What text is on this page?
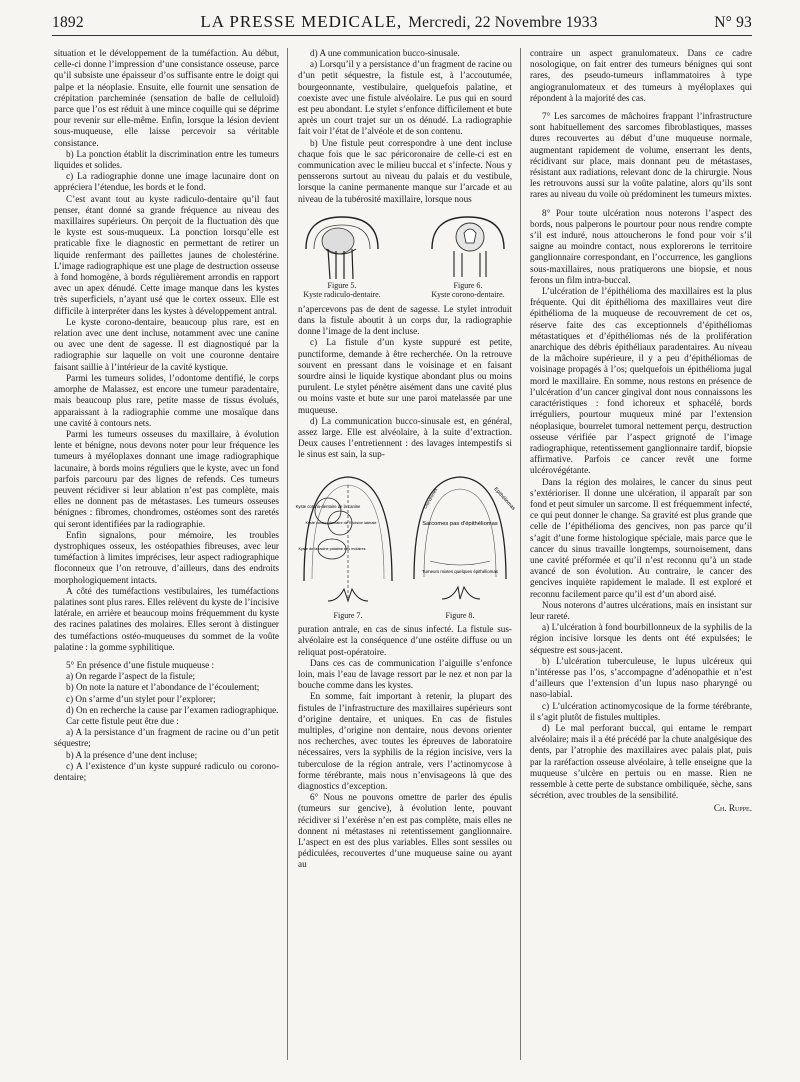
1892	LA PRESSE MEDICALE, Mercredi, 22 Novembre 1933	N° 93

situation et le développement de la tuméfaction. Au début, celle-ci donne l’impression d’une consistance osseuse, parce qu’il subsiste une épaisseur d’os suffisante entre le doigt qui palpe et la néoplasie. Ensuite, elle fournit une sensation de crépitation parcheminée (sensation de balle de celluloïd) parce que l’os est réduit à une mince coquille qui se déprime pour revenir sur elle-même. Enfin, lorsque la lésion devient sous-muqueuse, elle laisse percevoir sa véritable consistance.

b) La ponction établit la discrimination entre les tumeurs liquides et solides.

c) La radiographie donne une image lacunaire dont on appréciera l’étendue, les bords et le fond.

C’est avant tout au kyste radiculo-dentaire qu’il faut penser, étant donné sa grande fréquence au niveau des maxillaires supérieurs. On perçoit de la fluctuation dès que le kyste est sous-muqueux. La ponction lorsqu’elle est praticable fixe le diagnostic en permettant de retirer un liquide renfermant des paillettes jaunes de cholestérine. L’image radiographique est une plage de destruction osseuse à fond homogène, à bords régulièrement arrondis en rapport avec un apex dénudé. Cette image manque dans les kystes très superficiels, n’ayant usé que le cortex osseux. Elle est difficile à interpréter dans les kystes à développement antral.

Le kyste corono-dentaire, beaucoup plus rare, est en relation avec une dent incluse, notamment avec une canine ou avec une dent de sagesse. Il est diagnostiqué par la radiographie sur laquelle on voit une couronne dentaire faisant saillie à l’intérieur de la cavité kystique.

Parmi les tumeurs solides, l’odontome dentifié, le corps amorphe de Malassez, est encore une tumeur paradentaire, mais beaucoup plus rare, petite masse de tissus évolués, apparaissant à la radiographie comme une mosaïque dans une cavité à contours nets.

Parmi les tumeurs osseuses du maxillaire, à évolution lente et bénigne, nous devons noter pour leur fréquence les tumeurs à myéloplaxes donnant une image radiographique lacunaire, à bords moins réguliers que le kyste, avec un fond parfois parcouru par des lignes de refends. Ces tumeurs peuvent récidiver si leur ablation n’est pas complète, mais elles ne donnent pas de métastases. Les tumeurs osseuses bénignes : fibromes, chondromes, ostéomes sont des raretés qui seront identifiées par la radiographie.

Enfin signalons, pour mémoire, les troubles dystrophiques osseux, les ostéopathies fibreuses, avec leur tuméfaction à limites imprécises, leur aspect radiographique floconneux que l’on retrouve, d’ailleurs, dans des endroits morphologiquement intacts.

A côté des tuméfactions vestibulaires, les tuméfactions palatines sont plus rares. Elles relèvent du kyste de l’incisive latérale, en arrière et beaucoup moins fréquemment du kyste des racines palatines des molaires. Elles seront à distinguer des tuméfactions ostéo-muqueuses du sommet de la voûte palatine : la gomme syphilitique.

5° En présence d’une fistule muqueuse :

a) On regarde l’aspect de la fistule;

b) On note la nature et l’abondance de l’écoulement;

c) On s’arme d’un stylet pour l’explorer;

d) On en recherche la cause par l’examen radiographique.

Car cette fistule peut être due :

a) A la persistance d’un fragment de racine ou d’un petit séquestre;

b) A la présence d’une dent incluse;

c) A l’existence d’un kyste suppuré radiculo ou corono-dentaire;

d) A une communication bucco-sinusale.

a) Lorsqu’il y a persistance d’un fragment de racine ou d’un petit séquestre, la fistule est, à l’accoutumée, bourgeonnante, vestibulaire, quelquefois palatine, et coexiste avec une fistule alvéolaire. Le pus qui en sourd est peu abondant. Le stylet s’enfonce difficilement et bute après un court trajet sur un os dénudé. La radiographie fait voir l’état de l’alvéole et de son contenu.

b) Une fistule peut correspondre à une dent incluse chaque fois que le sac péricoronaire de celle-ci est en communication avec le milieu buccal et s’infecte. Nous y pensserons surtout au niveau du palais et du vestibule, lorsque la canine permanente manque sur l’arcade et au niveau de la tubérosité maxillaire, lorsque nous

Figure 5.
Kyste radiculo-dentaire.
Figure 6.
Kyste corono-dentaire.

n’apercevons pas de dent de sagesse. Le stylet introduit dans la fistule aboutit à un corps dur, la radiographie donne l’image de la dent incluse.

c) La fistule d’un kyste suppuré est petite, punctiforme, demande à être recherchée. On la retrouve souvent en pressant dans le voisinage et en faisant sourdre ainsi le liquide kystique abondant plus ou moins purulent. Le stylet pénètre aisément dans une cavité plus ou moins vaste et bute sur une paroi matelassée par une muqueuse.

d) La communication bucco-sinusale est, en général, assez large. Elle est alvéolaire, à la suite d’extraction. Deux causes l’entretiennent : des lavages intempestifs si le sinus est sain, la sup-

Kyste corono-dentaire de la canine
Kyste corono-dentaire de l'incisive latérale
Kyste de la racine palatine des molaires
Figure 7.
Sarcomes pas d'épithéliomas
Tumeurs mixtes quelques épithéliomas
Epithéliomas
Chondromes
Figure 8.

puration antrale, en cas de sinus infecté. La fistule sus-alvéolaire est la conséquence d’une ostéite diffuse ou un reliquat post-opératoire.

Dans ces cas de communication l’aiguille s’enfonce loin, mais l’eau de lavage ressort par le nez et non par la bouche comme dans les kystes.

En somme, fait important à retenir, la plupart des fistules de l’infrastructure des maxillaires supérieurs sont d’origine dentaire, et uniques. En cas de fistules multiples, d’origine non dentaire, nous devons orienter nos recherches, avec toutes les épreuves de laboratoire nécessaires, vers la syphilis de la région incisive, vers la tuberculose de la région antrale, vers l’actinomycose à forme térébrante, mais nous n’envisageons là que des diagnostics d’exception.

6° Nous ne pouvons omettre de parler des épulis (tumeurs sur gencive), à évolution lente, pouvant récidiver si l’exérèse n’en est pas complète, mais elles ne donnent ni métastases ni retentissement ganglionnaire. L’aspect en est des plus variables. Elles sont sessiles ou pédiculées, recouvertes d’une muqueuse saine ou ayant au

contraire un aspect granulomateux. Dans ce cadre nosologique, on fait entrer des tumeurs bénignes qui sont rares, des pseudo-tumeurs inflammatoires à type angiogranulomateux et des tumeurs à myéloplaxes qui répondent à la majorité des cas.

7° Les sarcomes de mâchoires frappant l’infrastructure sont habituellement des sarcomes fibroblastiques, masses dures recouvertes au début d’une muqueuse normale, augmentant rapidement de volume, enserrant les dents, récidivant sur place, mais donnant peu de métastases, résistant aux radiations, relevant donc de la chirurgie. Nous les retrouvons aussi sur la voûte palatine, alors qu’ils sont rares au niveau du voile où prédominent les tumeurs mixtes.

8° Pour toute ulcération nous noterons l’aspect des bords, nous palperons le pourtour pour nous rendre compte s’il est induré, nous attoucherons le fond pour voir s’il saigne au moindre contact, nous explorerons le territoire ganglionnaire correspondant, en l’occurrence, les ganglions sous-maxillaires, nous pratiquerons une biopsie, et nous ferons un film intra-buccal.

L’ulcération de l’épithélioma des maxillaires est la plus fréquente. Qui dit épithélioma des maxillaires veut dire épithélioma de la muqueuse de recouvrement de cet os, réserve faite des cas exceptionnels d’épithéliomas métastatiques et d’épithéliomas nés de la prolifération anarchique des débris épithéliaux paradentaires. Au niveau de la mâchoire supérieure, il y a peu d’épithéliomas de voisinage propagés à l’os; quelquefois un épithélioma jugal mord le maxillaire. En somme, nous restons en présence de l’ulcération d’un cancer gingival dont nous connaissons les caractéristiques : fond ichoreux et sphacélé, bords irréguliers, pourtour muqueux miné par l’extension néoplasique, bourrelet tumoral nettement perçu, destruction osseuse vérifiée par l’aspect grignoté de l’image radiographique, retentissement ganglionnaire tardif, biopsie affirmative. Parfois ce cancer revêt une forme ulcérovégétante.

Dans la région des molaires, le cancer du sinus peut s’extérioriser. Il donne une ulcération, il apparaît par son fond et peut simuler un sarcome. Il est fréquemment infecté, ce qui peut donner le change. Sa gravité est plus grande que celle de l’épithélioma des gencives, non pas parce qu’il s’agit d’une forme histologique spéciale, mais parce que le cancer du sinus travaille longtemps, sournoisement, dans une cavité préformée et qu’il n’est reconnu qu’à un stade avancé de son évolution. Au contraire, le cancer des gencives inquiète rapidement le malade. Il est exploré et reconnu facilement parce qu’il est d’un abord aisé.

Nous noterons d’autres ulcérations, mais en insistant sur leur rareté.

a) L’ulcération à fond bourbillonneux de la syphilis de la région incisive lorsque les dents ont été expulsées; le séquestre est sous-jacent.

b) L’ulcération tuberculeuse, le lupus ulcéreux qui n’intéresse pas l’os, s’accompagne d’adénopathie et n’est d’ailleurs que l’extension d’un lupus naso pharyngé ou naso-labial.

c) L’ulcération actinomycosique de la forme térébrante, il s’agit plutôt de fistules multiples.

d) Le mal perforant buccal, qui entame le rempart alvéolaire; mais il a été précédé par la chute analgésique des dents, par l’atrophie des maxillaires avec palais plat, puis par la raréfaction osseuse alvéolaire, à telle enseigne que la muqueuse s’ulcère en pertuis ou en masse. Rien ne ressemble à cette perte de substance ombiliquée, sèche, sans sécrétion, avec troubles de la sensibilité.

Ch. Ruppe.
